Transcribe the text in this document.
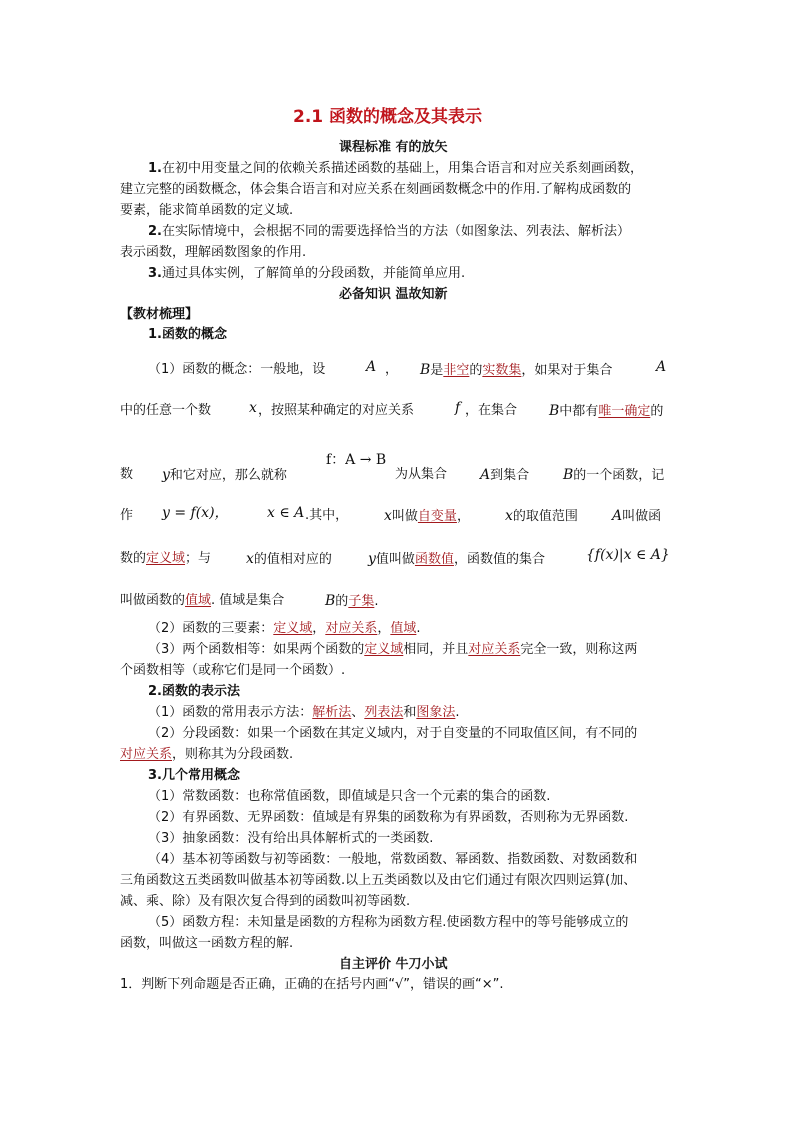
2.1 函数的概念及其表示
课程标准 有的放矢
1.在初中用变量之间的依赖关系描述函数的基础上，用集合语言和对应关系刻画函数，
建立完整的函数概念，体会集合语言和对应关系在刻画函数概念中的作用.了解构成函数的
要素，能求简单函数的定义域.
2.在实际情境中，会根据不同的需要选择恰当的方法（如图象法、列表法、解析法）
表示函数，理解函数图象的作用.
3.通过具体实例，了解简单的分段函数，并能简单应用.
必备知识 温故知新
【教材梳理】
1.函数的概念
（1）函数的概念：一般地，设	A ， B是非空的实数集，如果对于集合	A
中的任意一个数	x ，按照某种确定的对应关系	f ，在集合 B中都有唯一确定的
f：A → B
数 y和它对应，那么就称	为从集合 A到集合 B的一个函数，记
作 y = f(x)，	x ∈ A .其中，	x叫做自变量，	x的取值范围 A叫做函
数的定义域；与 x的值相对应的	y值叫做函数值，函数值的集合	{f(x)|x ∈ A}
叫做函数的值域. 值域是集合	B的子集.
（2）函数的三要素：定义域，对应关系，值域.
（3）两个函数相等：如果两个函数的定义域相同，并且对应关系完全一致，则称这两
个函数相等（或称它们是同一个函数）.
2.函数的表示法
（1）函数的常用表示方法：解析法、列表法和图象法.
（2）分段函数：如果一个函数在其定义域内，对于自变量的不同取值区间，有不同的
对应关系，则称其为分段函数.
3.几个常用概念
（1）常数函数：也称常值函数，即值域是只含一个元素的集合的函数.
（2）有界函数、无界函数：值域是有界集的函数称为有界函数，否则称为无界函数.
（3）抽象函数：没有给出具体解析式的一类函数.
（4）基本初等函数与初等函数：一般地，常数函数、幂函数、指数函数、对数函数和
三角函数这五类函数叫做基本初等函数.以上五类函数以及由它们通过有限次四则运算(加、
减、乘、除）及有限次复合得到的函数叫初等函数.
（5）函数方程：未知量是函数的方程称为函数方程.使函数方程中的等号能够成立的
函数，叫做这一函数方程的解.
自主评价 牛刀小试
1．判断下列命题是否正确，正确的在括号内画“√”，错误的画“×”.
